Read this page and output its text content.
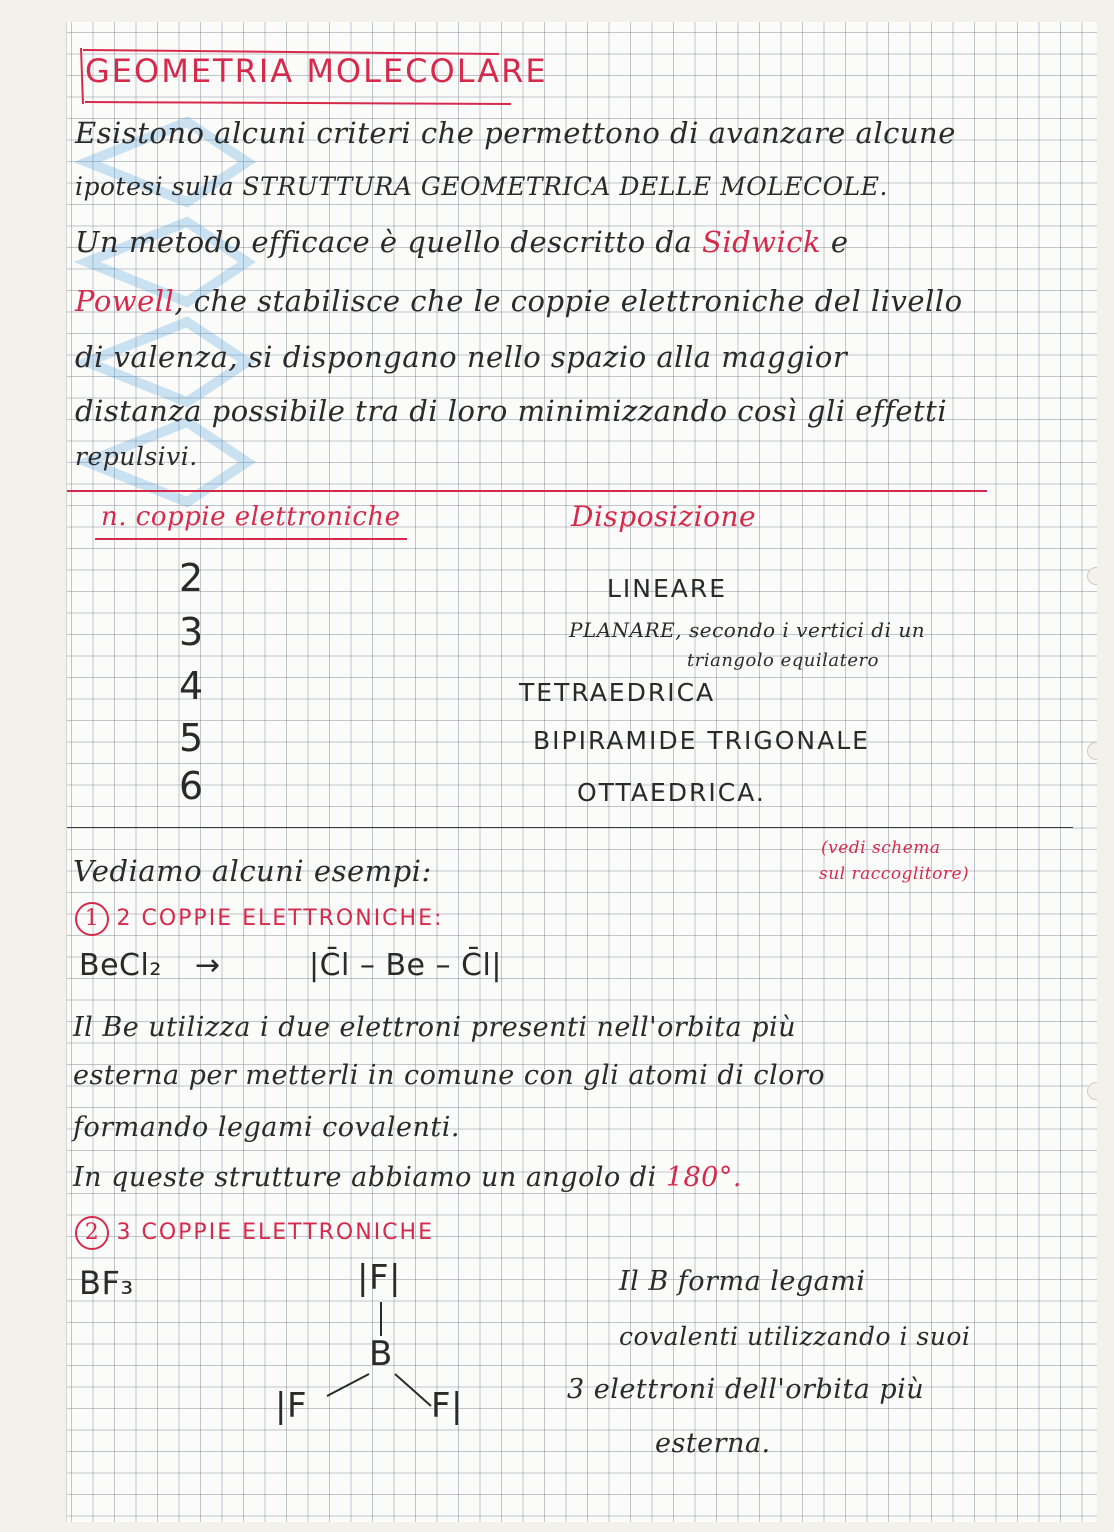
GEOMETRIA MOLECOLARE
Esistono alcuni criteri che permettono di avanzare alcune
ipotesi sulla STRUTTURA GEOMETRICA DELLE MOLECOLE.
Un metodo efficace è quello descritto da Sidwick e
Powell, che stabilisce che le coppie elettroniche del livello
di valenza, si dispongano nello spazio alla maggior
distanza possibile tra di loro minimizzando così gli effetti
repulsivi.
n. coppie elettroniche	Disposizione
2	LINEARE
3	PLANARE, secondo i vertici di un
triangolo equilatero
4	TETRAEDRICA
5	BIPIRAMIDE TRIGONALE
6	OTTAEDRICA.
Vediamo alcuni esempi:
(vedi schema
sul raccoglitore)
1 2 COPPIE ELETTRONICHE:
BeCl₂ →	|C̄l – Be – C̄l|
Il Be utilizza i due elettroni presenti nell'orbita più
esterna per metterli in comune con gli atomi di cloro
formando legami covalenti.
In queste strutture abbiamo un angolo di 180°.
2 3 COPPIE ELETTRONICHE
BF₃	|F|
B
|F	F|
Il B forma legami
covalenti utilizzando i suoi
3 elettroni dell'orbita più
esterna.
